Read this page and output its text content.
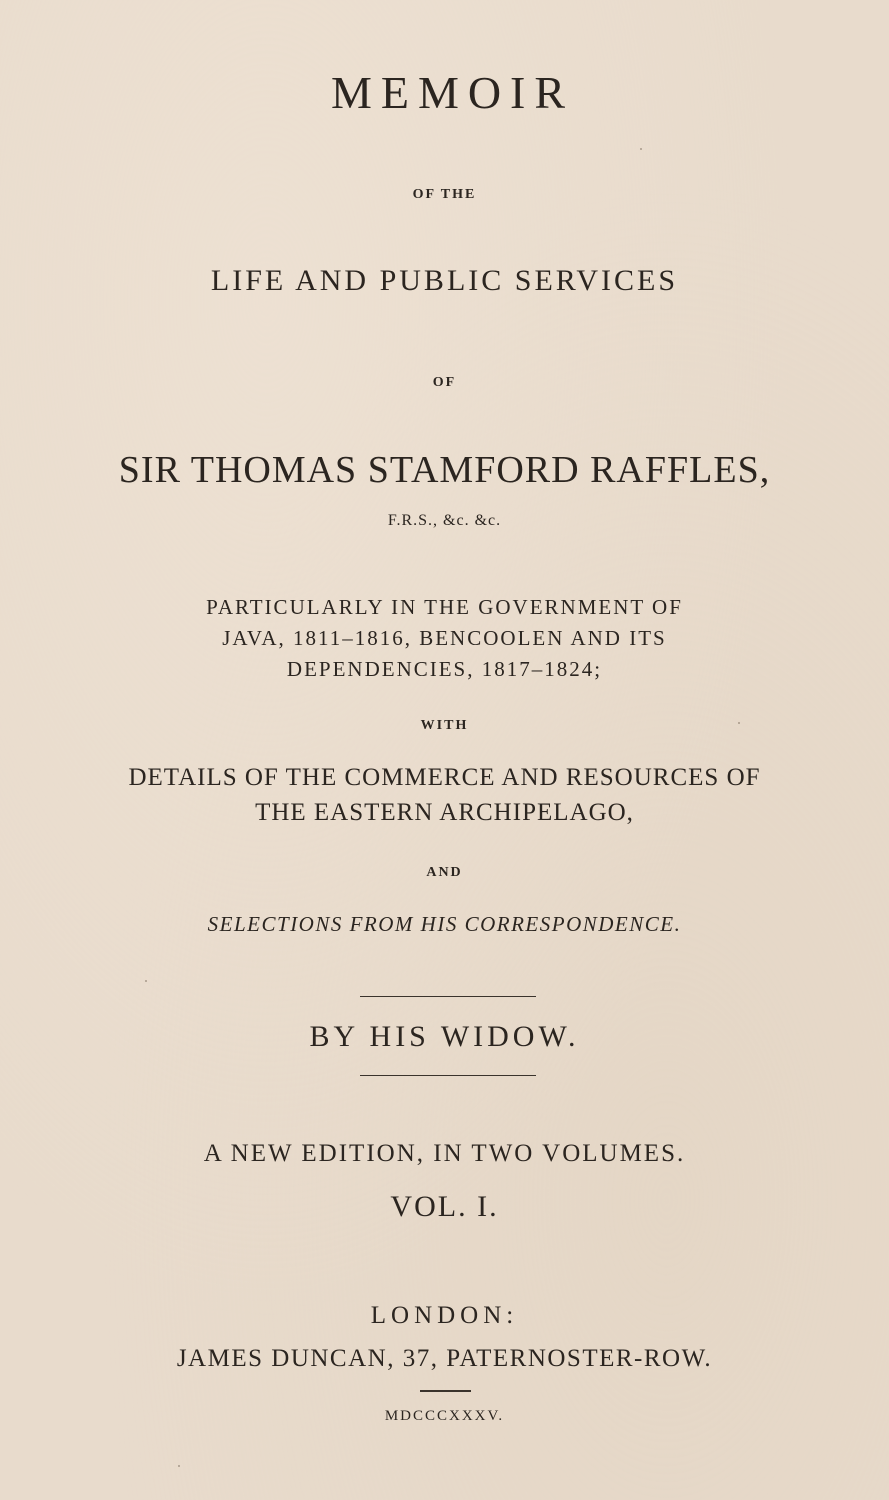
MEMOIR
OF THE
LIFE AND PUBLIC SERVICES
OF
SIR THOMAS STAMFORD RAFFLES,
F.R.S., &c. &c.
PARTICULARLY IN THE GOVERNMENT OF
JAVA, 1811–1816, BENCOOLEN AND ITS
DEPENDENCIES, 1817–1824;
WITH
DETAILS OF THE COMMERCE AND RESOURCES OF
THE EASTERN ARCHIPELAGO,
AND
SELECTIONS FROM HIS CORRESPONDENCE.
BY HIS WIDOW.
A NEW EDITION, IN TWO VOLUMES.
VOL. I.
LONDON:
JAMES DUNCAN, 37, PATERNOSTER-ROW.
MDCCCXXXV.
